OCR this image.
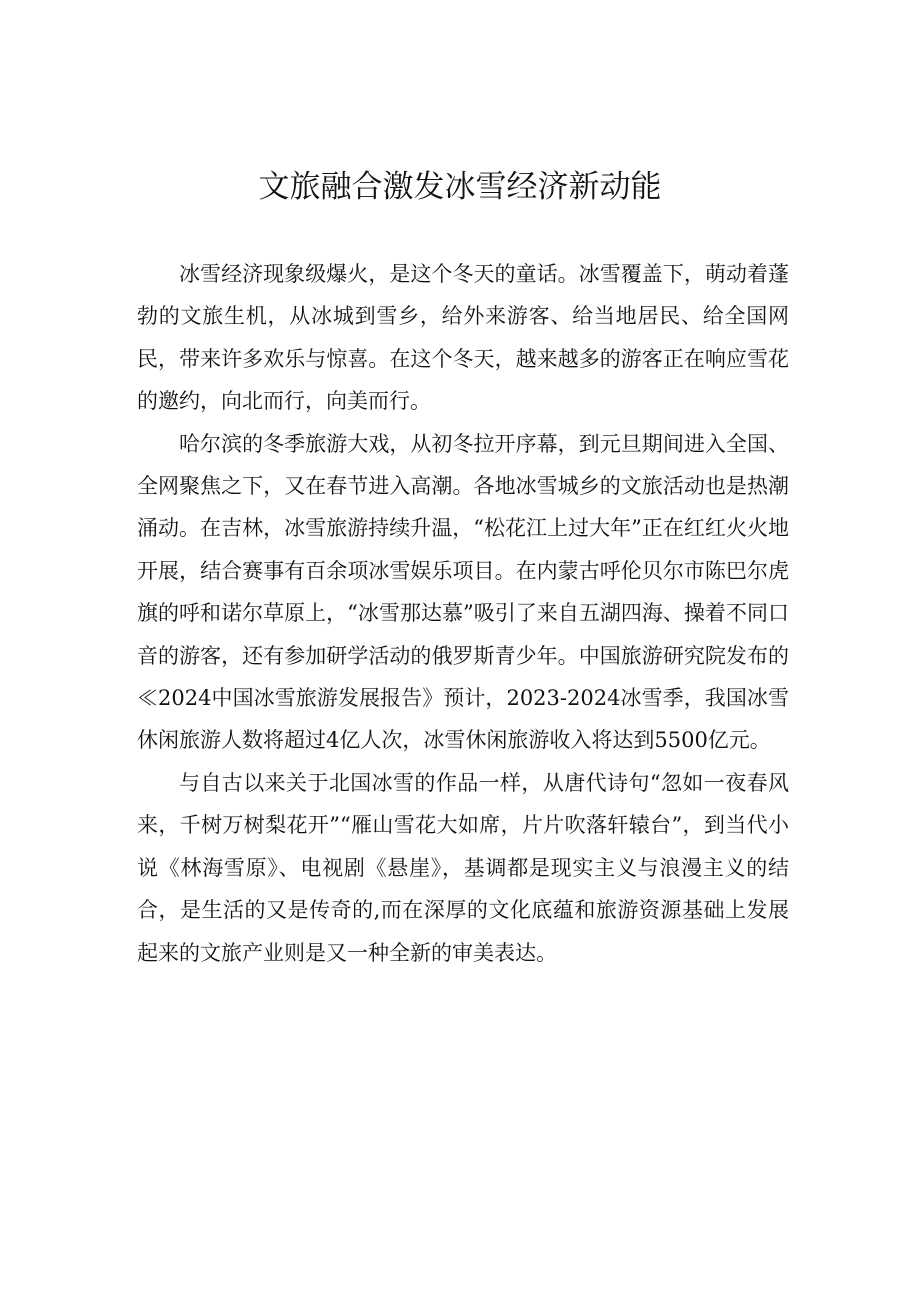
文旅融合激发冰雪经济新动能

冰雪经济现象级爆火，是这个冬天的童话。冰雪覆盖下，萌动着蓬勃的文旅生机，从冰城到雪乡，给外来游客、给当地居民、给全国网民，带来许多欢乐与惊喜。在这个冬天，越来越多的游客正在响应雪花的邀约，向北而行，向美而行。

哈尔滨的冬季旅游大戏，从初冬拉开序幕，到元旦期间进入全国、全网聚焦之下，又在春节进入高潮。各地冰雪城乡的文旅活动也是热潮涌动。在吉林，冰雪旅游持续升温，“松花江上过大年”正在红红火火地开展，结合赛事有百余项冰雪娱乐项目。在内蒙古呼伦贝尔市陈巴尔虎旗的呼和诺尔草原上，“冰雪那达慕”吸引了来自五湖四海、操着不同口音的游客，还有参加研学活动的俄罗斯青少年。中国旅游研究院发布的≪2024中国冰雪旅游发展报告》预计，2023-2024冰雪季，我国冰雪休闲旅游人数将超过4亿人次，冰雪休闲旅游收入将达到5500亿元。

与自古以来关于北国冰雪的作品一样，从唐代诗句“忽如一夜春风来，千树万树梨花开”“雁山雪花大如席，片片吹落轩辕台”，到当代小说《林海雪原》、电视剧《悬崖》，基调都是现实主义与浪漫主义的结合，是生活的又是传奇的,而在深厚的文化底蕴和旅游资源基础上发展起来的文旅产业则是又一种全新的审美表达。
